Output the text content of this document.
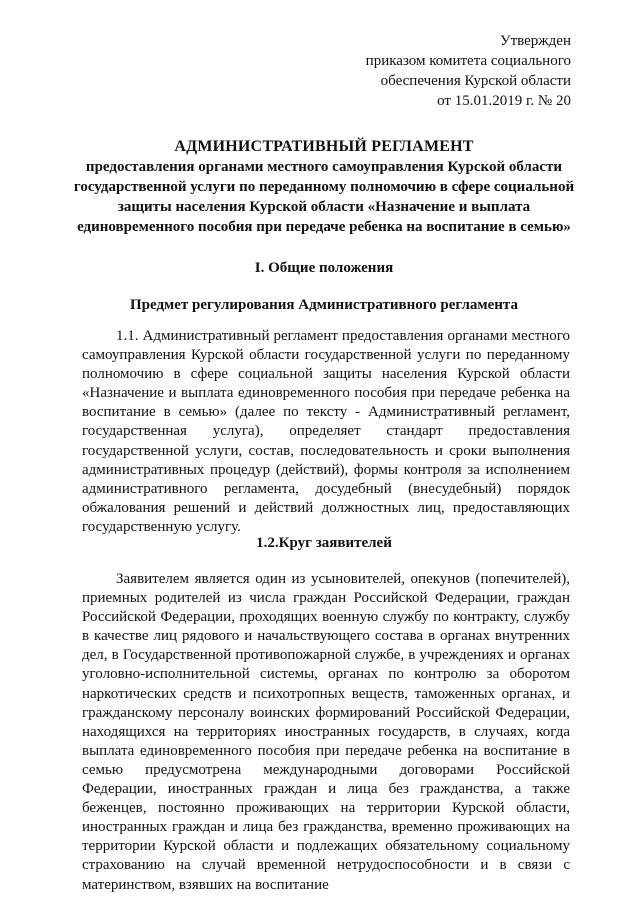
Утвержден
приказом комитета социального
обеспечения Курской области
от 15.01.2019 г. № 20
АДМИНИСТРАТИВНЫЙ РЕГЛАМЕНТ
предоставления органами местного самоуправления Курской области государственной услуги по переданному полномочию в сфере социальной защиты населения Курской области «Назначение и выплата единовременного пособия при передаче ребенка на воспитание в семью»
I. Общие положения
Предмет регулирования Административного регламента
1.1. Административный регламент предоставления органами местного самоуправления Курской области государственной услуги по переданному полномочию в сфере социальной защиты населения Курской области «Назначение и выплата единовременного пособия при передаче ребенка на воспитание в семью» (далее по тексту - Административный регламент, государственная услуга), определяет стандарт предоставления государственной услуги, состав, последовательность и сроки выполнения административных процедур (действий), формы контроля за исполнением административного регламента, досудебный (внесудебный) порядок обжалования решений и действий должностных лиц, предоставляющих государственную услугу.
1.2.Круг заявителей
Заявителем является один из усыновителей, опекунов (попечителей), приемных родителей из числа граждан Российской Федерации, граждан Российской Федерации, проходящих военную службу по контракту, службу в качестве лиц рядового и начальствующего состава в органах внутренних дел, в Государственной противопожарной службе, в учреждениях и органах уголовно-исполнительной системы, органах по контролю за оборотом наркотических средств и психотропных веществ, таможенных органах, и гражданскому персоналу воинских формирований Российской Федерации, находящихся на территориях иностранных государств, в случаях, когда выплата единовременного пособия при передаче ребенка на воспитание в семью предусмотрена международными договорами Российской Федерации, иностранных граждан и лица без гражданства, а также беженцев, постоянно проживающих на территории Курской области, иностранных граждан и лица без гражданства, временно проживающих на территории Курской области и подлежащих обязательному социальному страхованию на случай временной нетрудоспособности и в связи с материнством, взявших на воспитание
